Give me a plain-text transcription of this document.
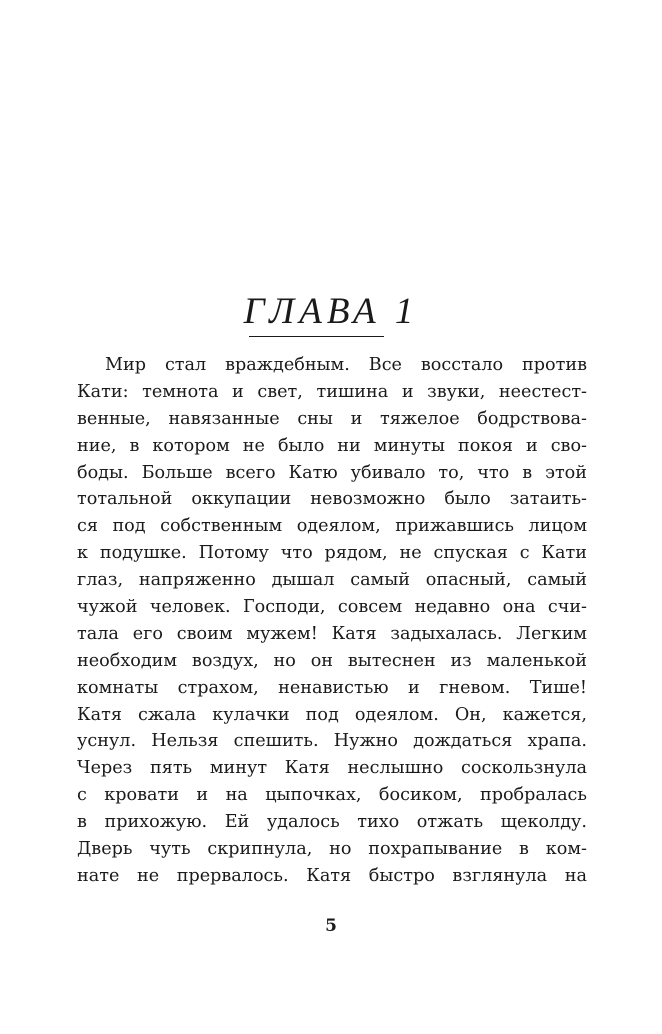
ГЛАВА 1
Мир стал враждебным. Все восстало против
Кати: темнота и свет, тишина и звуки, неестест-
венные, навязанные сны и тяжелое бодрствова-
ние, в котором не было ни минуты покоя и сво-
боды. Больше всего Катю убивало то, что в этой
тотальной оккупации невозможно было затаить-
ся под собственным одеялом, прижавшись лицом
к подушке. Потому что рядом, не спуская с Кати
глаз, напряженно дышал самый опасный, самый
чужой человек. Господи, совсем недавно она счи-
тала его своим мужем! Катя задыхалась. Легким
необходим воздух, но он вытеснен из маленькой
комнаты страхом, ненавистью и гневом. Тише!
Катя сжала кулачки под одеялом. Он, кажется,
уснул. Нельзя спешить. Нужно дождаться храпа.
Через пять минут Катя неслышно соскользнула
с кровати и на цыпочках, босиком, пробралась
в прихожую. Ей удалось тихо отжать щеколду.
Дверь чуть скрипнула, но похрапывание в ком-
нате не прервалось. Катя быстро взглянула на
5
